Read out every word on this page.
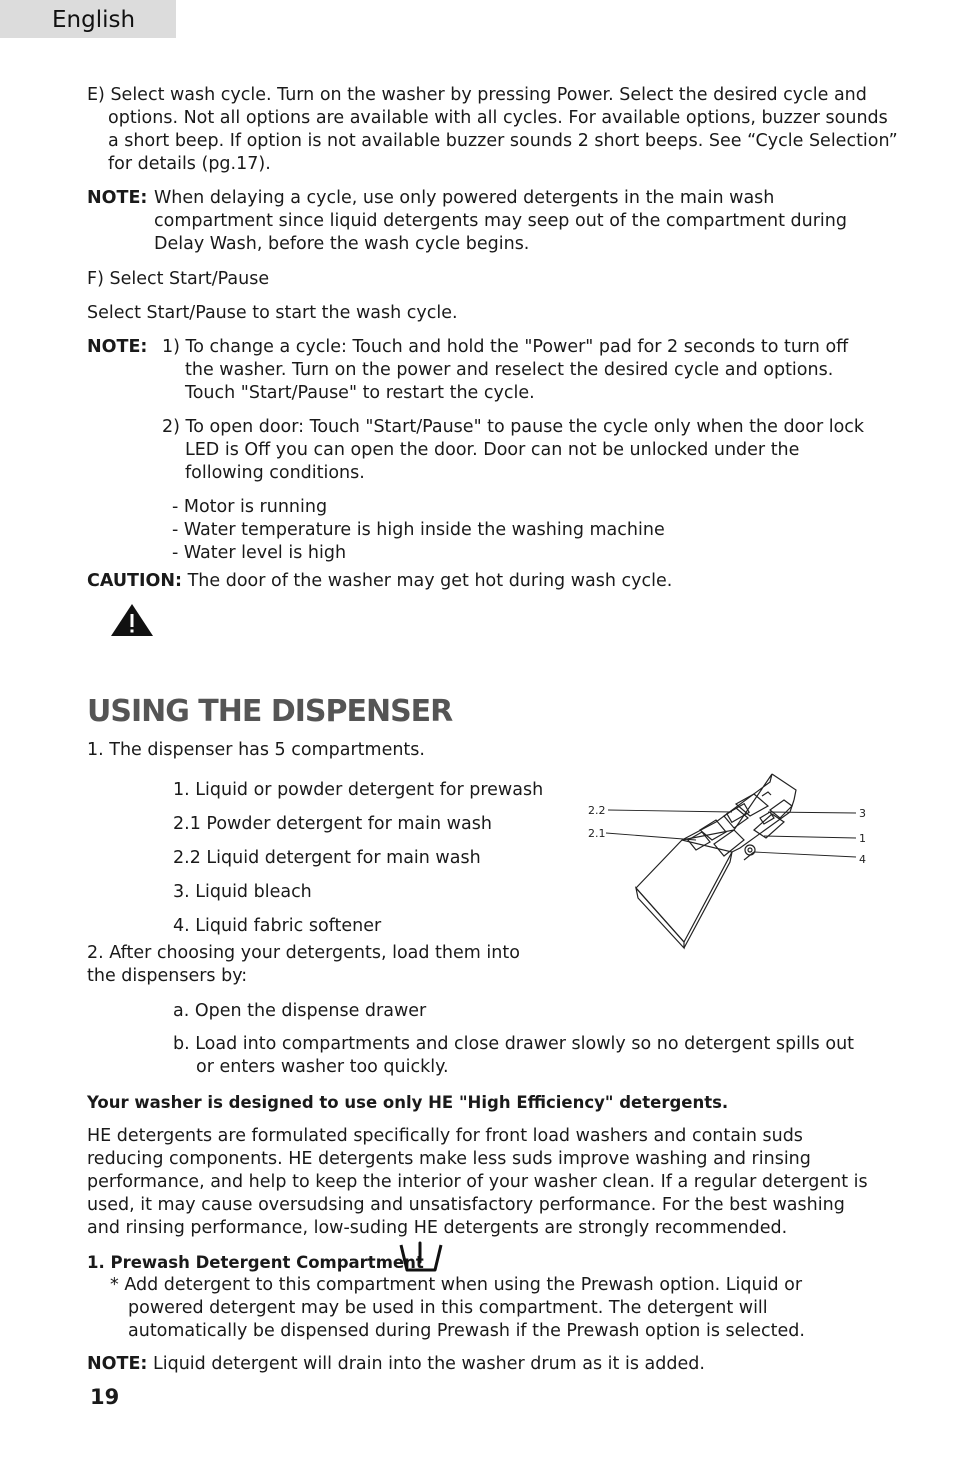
English

E) Select wash cycle. Turn on the washer by pressing Power. Select the desired cycle and options. Not all options are available with all cycles. For available options, buzzer sounds a short beep. If option is not available buzzer sounds 2 short beeps. See “Cycle Selection” for details (pg.17).

NOTE: When delaying a cycle, use only powered detergents in the main wash compartment since liquid detergents may seep out of the compartment during Delay Wash, before the wash cycle begins.

F) Select Start/Pause

Select Start/Pause to start the wash cycle.

NOTE: 1) To change a cycle: Touch and hold the "Power" pad for 2 seconds to turn off the washer. Turn on the power and reselect the desired cycle and options. Touch "Start/Pause" to restart the cycle.

2) To open door: Touch "Start/Pause" to pause the cycle only when the door lock LED is Off you can open the door. Door can not be unlocked under the following conditions.

- Motor is running
- Water temperature is high inside the washing machine
- Water level is high

CAUTION: The door of the washer may get hot during wash cycle.

USING THE DISPENSER

1. The dispenser has 5 compartments.

1. Liquid or powder detergent for prewash
2.1 Powder detergent for main wash
2.2 Liquid detergent for main wash
3. Liquid bleach
4. Liquid fabric softener
2.2
2.1
3
1
4

2. After choosing your detergents, load them into the dispensers by:

a. Open the dispense drawer

b. Load into compartments and close drawer slowly so no detergent spills out or enters washer too quickly.

Your washer is designed to use only HE "High Efficiency" detergents.

HE detergents are formulated specifically for front load washers and contain suds reducing components. HE detergents make less suds improve washing and rinsing performance, and help to keep the interior of your washer clean. If a regular detergent is used, it may cause oversudsing and unsatisfactory performance. For the best washing and rinsing performance, low-suding HE detergents are strongly recommended.

1. Prewash Detergent Compartment

* Add detergent to this compartment when using the Prewash option. Liquid or powered detergent may be used in this compartment. The detergent will automatically be dispensed during Prewash if the Prewash option is selected.

NOTE: Liquid detergent will drain into the washer drum as it is added.

19
